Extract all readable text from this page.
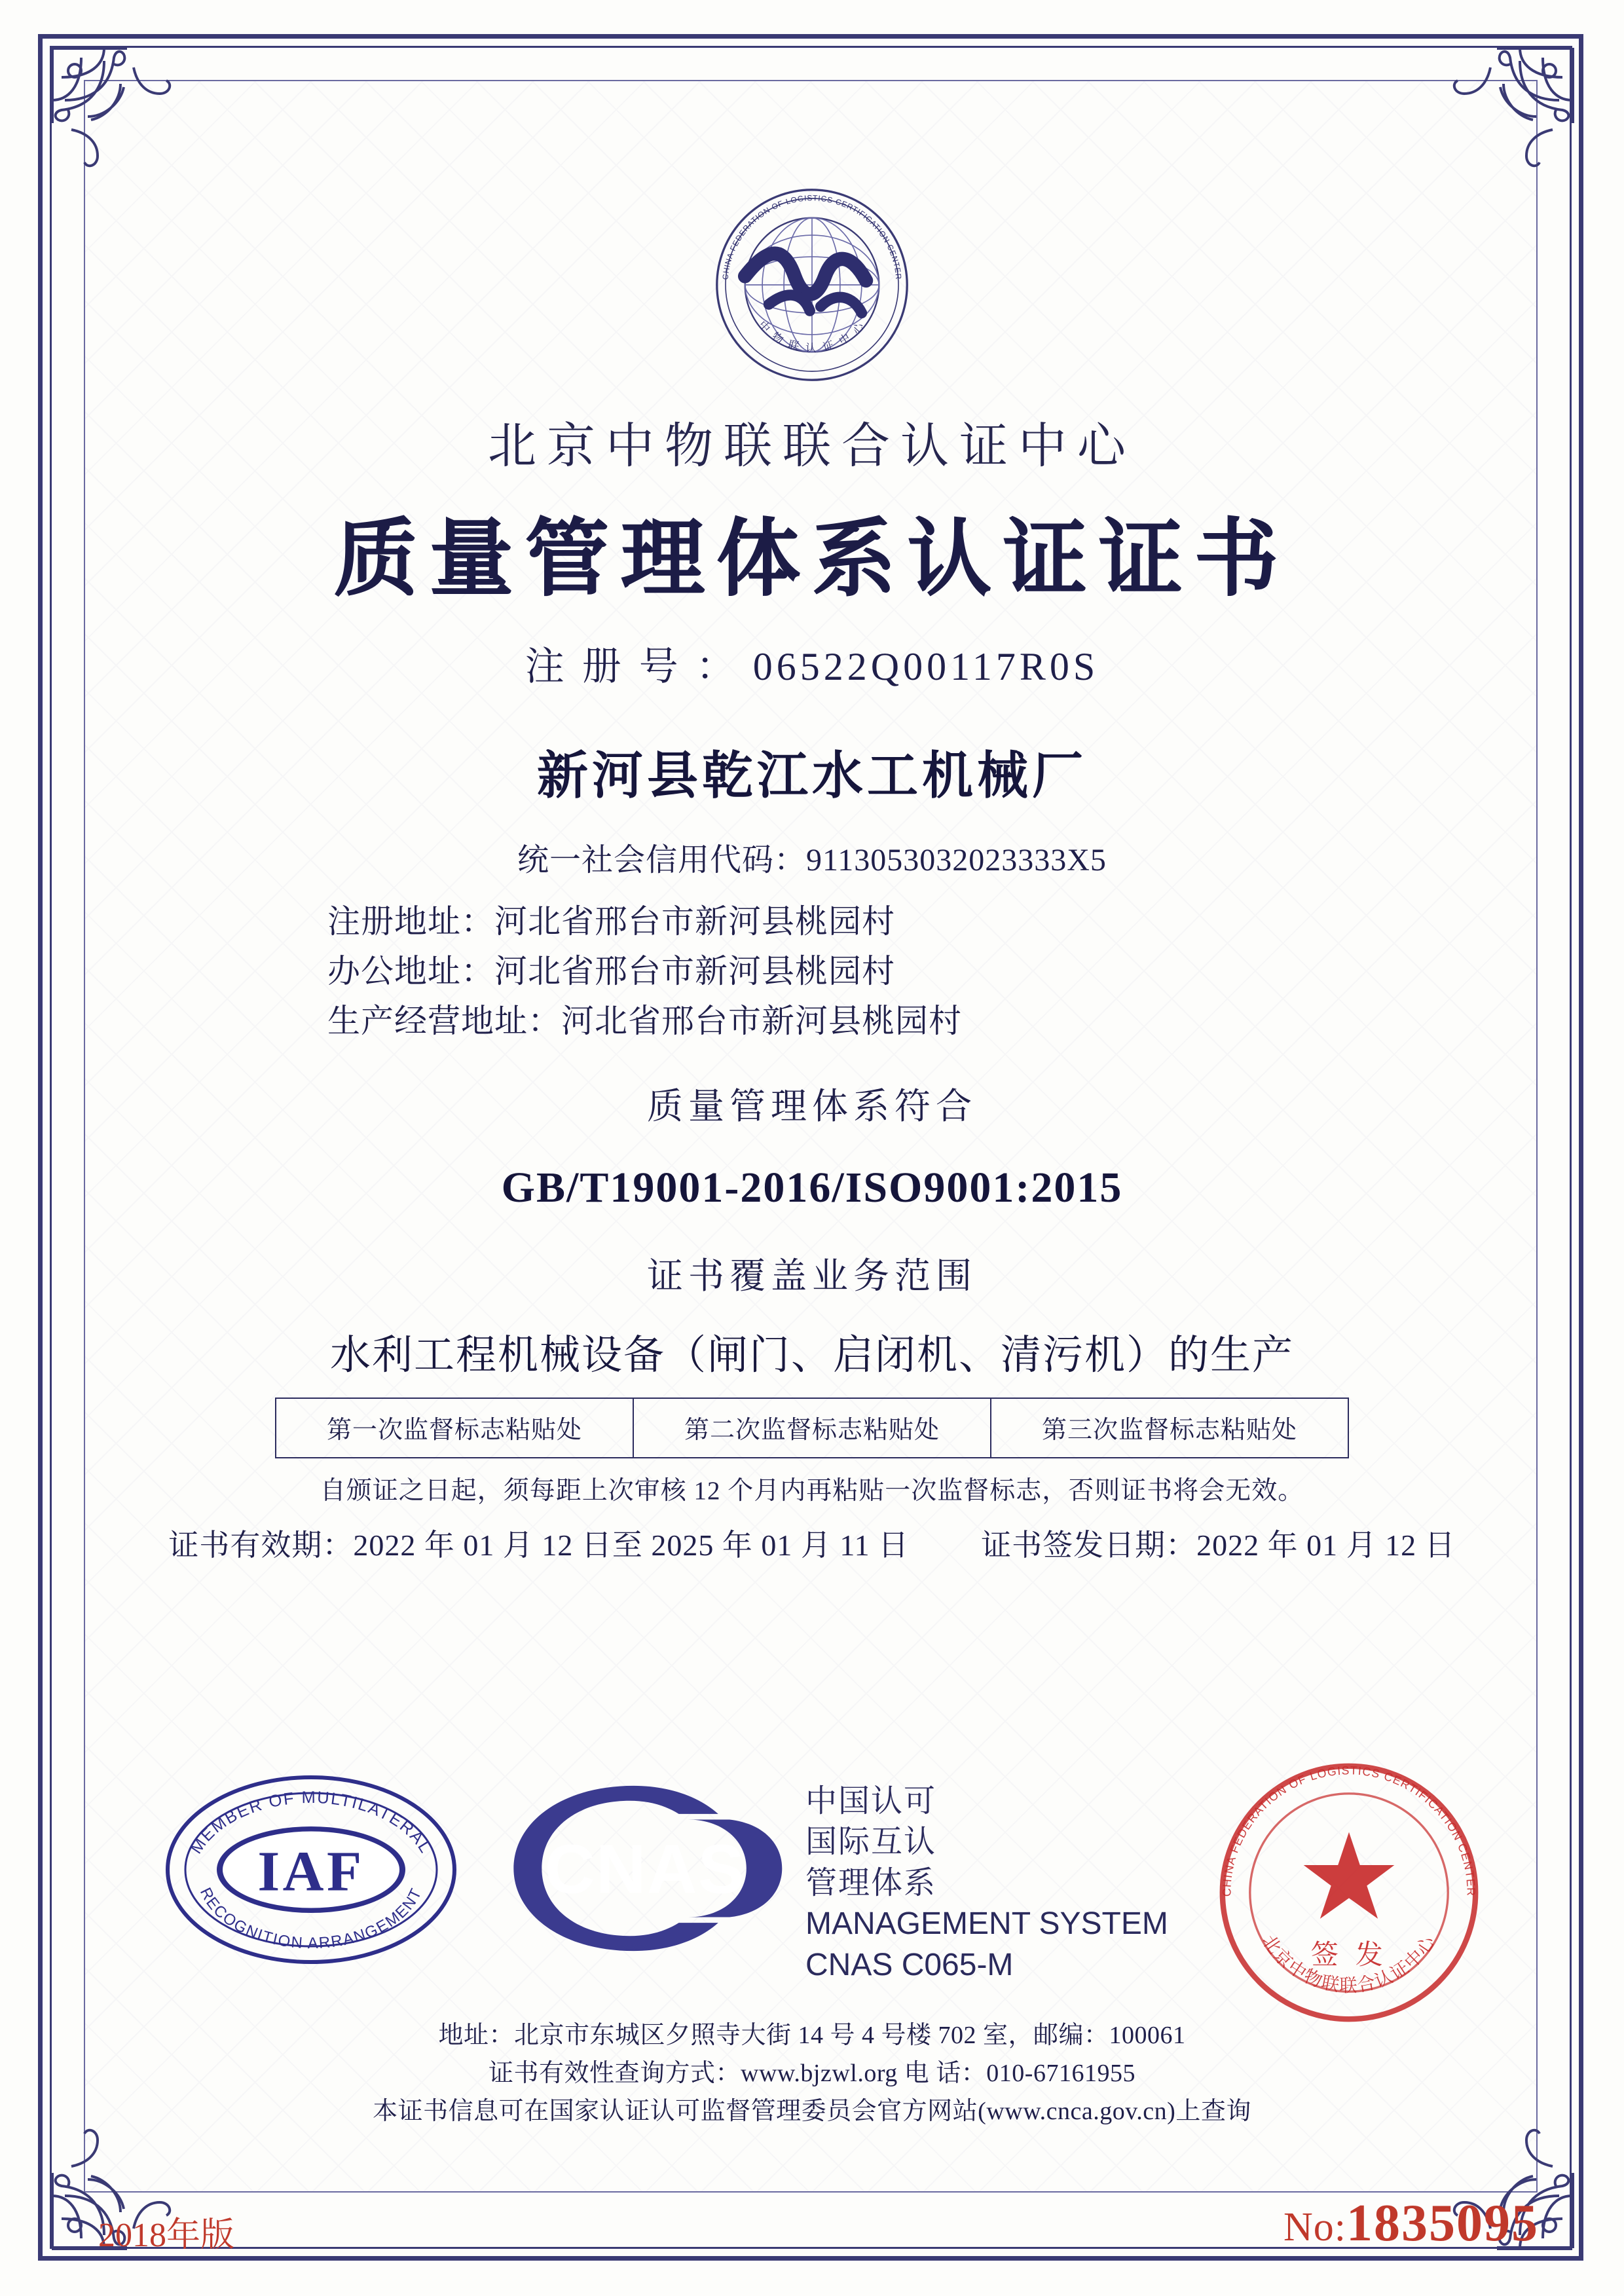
CHINA FEDERATION OF LOGISTICS CERTIFICATION CENTER
中 物 联 认 证 中 心
北京中物联联合认证中心
质量管理体系认证证书
注 册 号 ： 06522Q00117R0S
新河县乾江水工机械厂
统一社会信用代码：9113053032023333X5
注册地址：河北省邢台市新河县桃园村
办公地址：河北省邢台市新河县桃园村
生产经营地址：河北省邢台市新河县桃园村
质量管理体系符合
GB/T19001-2016/ISO9001:2015
证书覆盖业务范围
水利工程机械设备（闸门、启闭机、清污机）的生产
第一次监督标志粘贴处	第二次监督标志粘贴处	第三次监督标志粘贴处
自颁证之日起，须每距上次审核 12 个月内再粘贴一次监督标志，否则证书将会无效。
证书有效期：2022 年 01 月 12 日至 2025 年 01 月 11 日 证书签发日期：2022 年 01 月 12 日
IAF
MEMBER OF MULTILATERAL
RECOGNITION ARRANGEMENT CNAS
中国认可
国际互认
管理体系
MANAGEMENT SYSTEM
CNAS C065-M
CHINA FEDERATION OF LOGISTICS CERTIFICATION CENTER
北京中物联联合认证中心
签 发
地址：北京市东城区夕照寺大街 14 号 4 号楼 702 室，邮编：100061
证书有效性查询方式：www.bjzwl.org 电 话：010-67161955
本证书信息可在国家认证认可监督管理委员会官方网站(www.cnca.gov.cn)上查询
2018年版	No:1835095
